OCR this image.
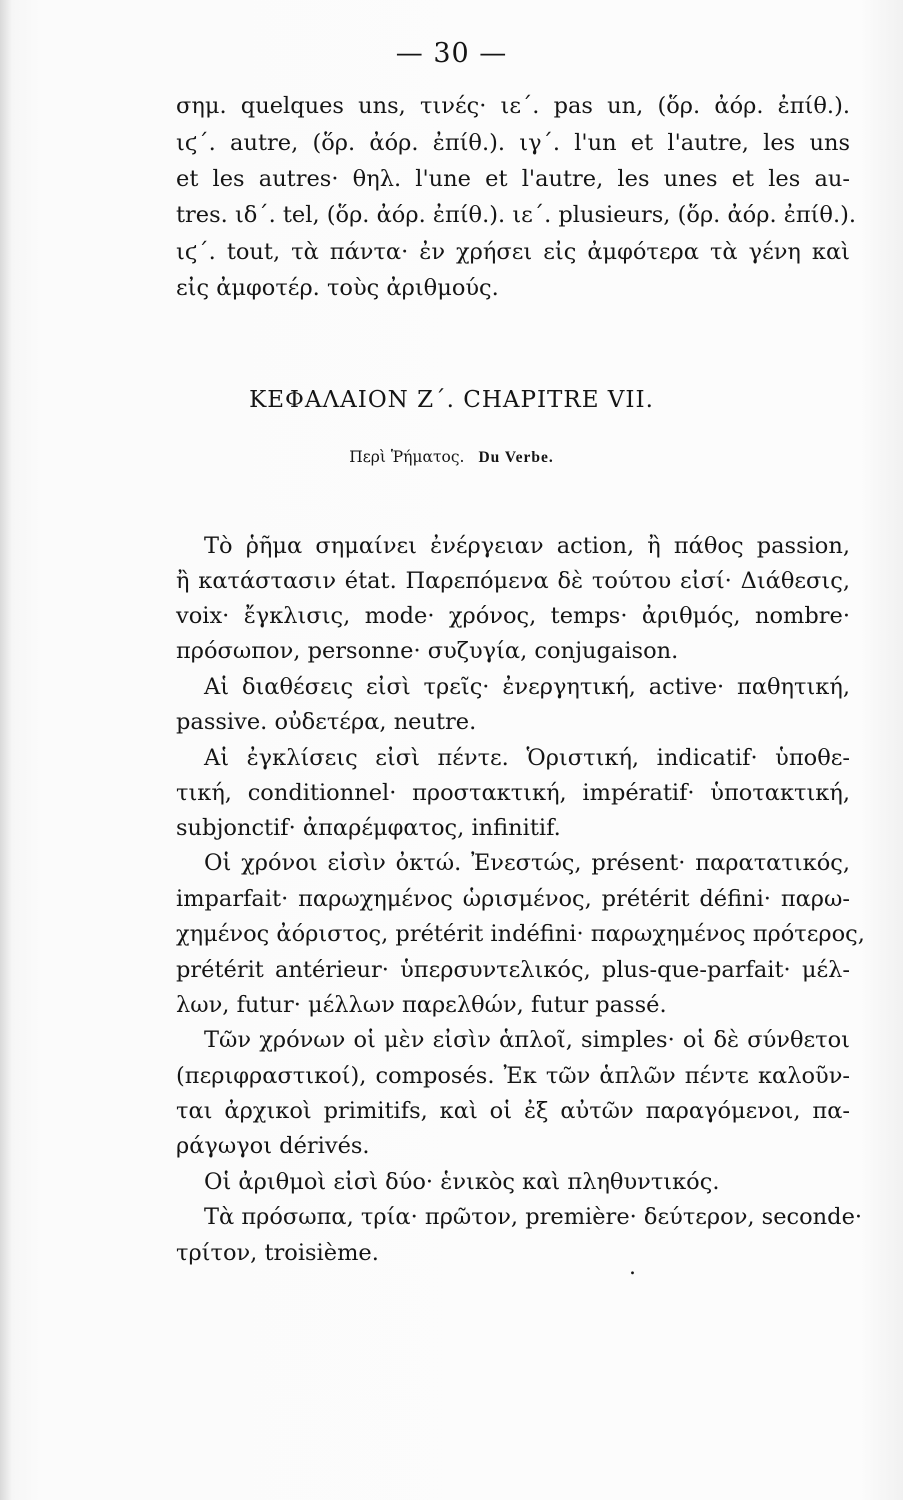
— 30 —
σημ. quelques uns, τινές· ιε΄. pas un, (ὅρ. ἀόρ. ἐπίθ.).
ιϛ΄. autre, (ὅρ. ἀόρ. ἐπίθ.). ιγ΄. l'un et l'autre, les uns
et les autres· θηλ. l'une et l'autre, les unes et les au-
tres. ιδ΄. tel, (ὅρ. ἀόρ. ἐπίθ.). ιε΄. plusieurs, (ὅρ. ἀόρ. ἐπίθ.).
ιϛ΄. tout, τὰ πάντα· ἐν χρήσει εἰς ἀμφότερα τὰ γένη καὶ
εἰς ἀμφοτέρ. τοὺς ἀριθμούς.
ΚΕΦΑΛΑΙΟΝ Ζ΄. CHAPITRE VII.
Περὶ Ῥήματος. Du Verbe.
Τὸ ῥῆμα σημαίνει ἐνέργειαν action, ἢ πάθος passion,
ἢ κατάστασιν état. Παρεπόμενα δὲ τούτου εἰσί· Διάθεσις,
voix· ἔγκλισις, mode· χρόνος, temps· ἀριθμός, nombre·
πρόσωπον, personne· συζυγία, conjugaison.
Αἱ διαθέσεις εἰσὶ τρεῖς· ἐνεργητική, active· παθητική,
passive. οὐδετέρα, neutre.
Αἱ ἐγκλίσεις εἰσὶ πέντε. Ὁριστική, indicatif· ὑποθε-
τική, conditionnel· προστακτική, impératif· ὑποτακτική,
subjonctif· ἀπαρέμφατος, infinitif.
Οἱ χρόνοι εἰσὶν ὀκτώ. Ἐνεστώς, présent· παρατατικός,
imparfait· παρωχημένος ὡρισμένος, prétérit défini· παρω-
χημένος ἀόριστος, prétérit indéfini· παρωχημένος πρότερος,
prétérit antérieur· ὑπερσυντελικός, plus-que-parfait· μέλ-
λων, futur· μέλλων παρελθών, futur passé.
Τῶν χρόνων οἱ μὲν εἰσὶν ἁπλοῖ, simples· οἱ δὲ σύνθετοι
(περιφραστικοί), composés. Ἐκ τῶν ἁπλῶν πέντε καλοῦν-
ται ἀρχικοὶ primitifs, καὶ οἱ ἐξ αὐτῶν παραγόμενοι, πα-
ράγωγοι dérivés.
Οἱ ἀριθμοὶ εἰσὶ δύο· ἑνικὸς καὶ πληθυντικός.
Τὰ πρόσωπα, τρία· πρῶτον, première· δεύτερον, seconde·
τρίτον, troisième.
.
